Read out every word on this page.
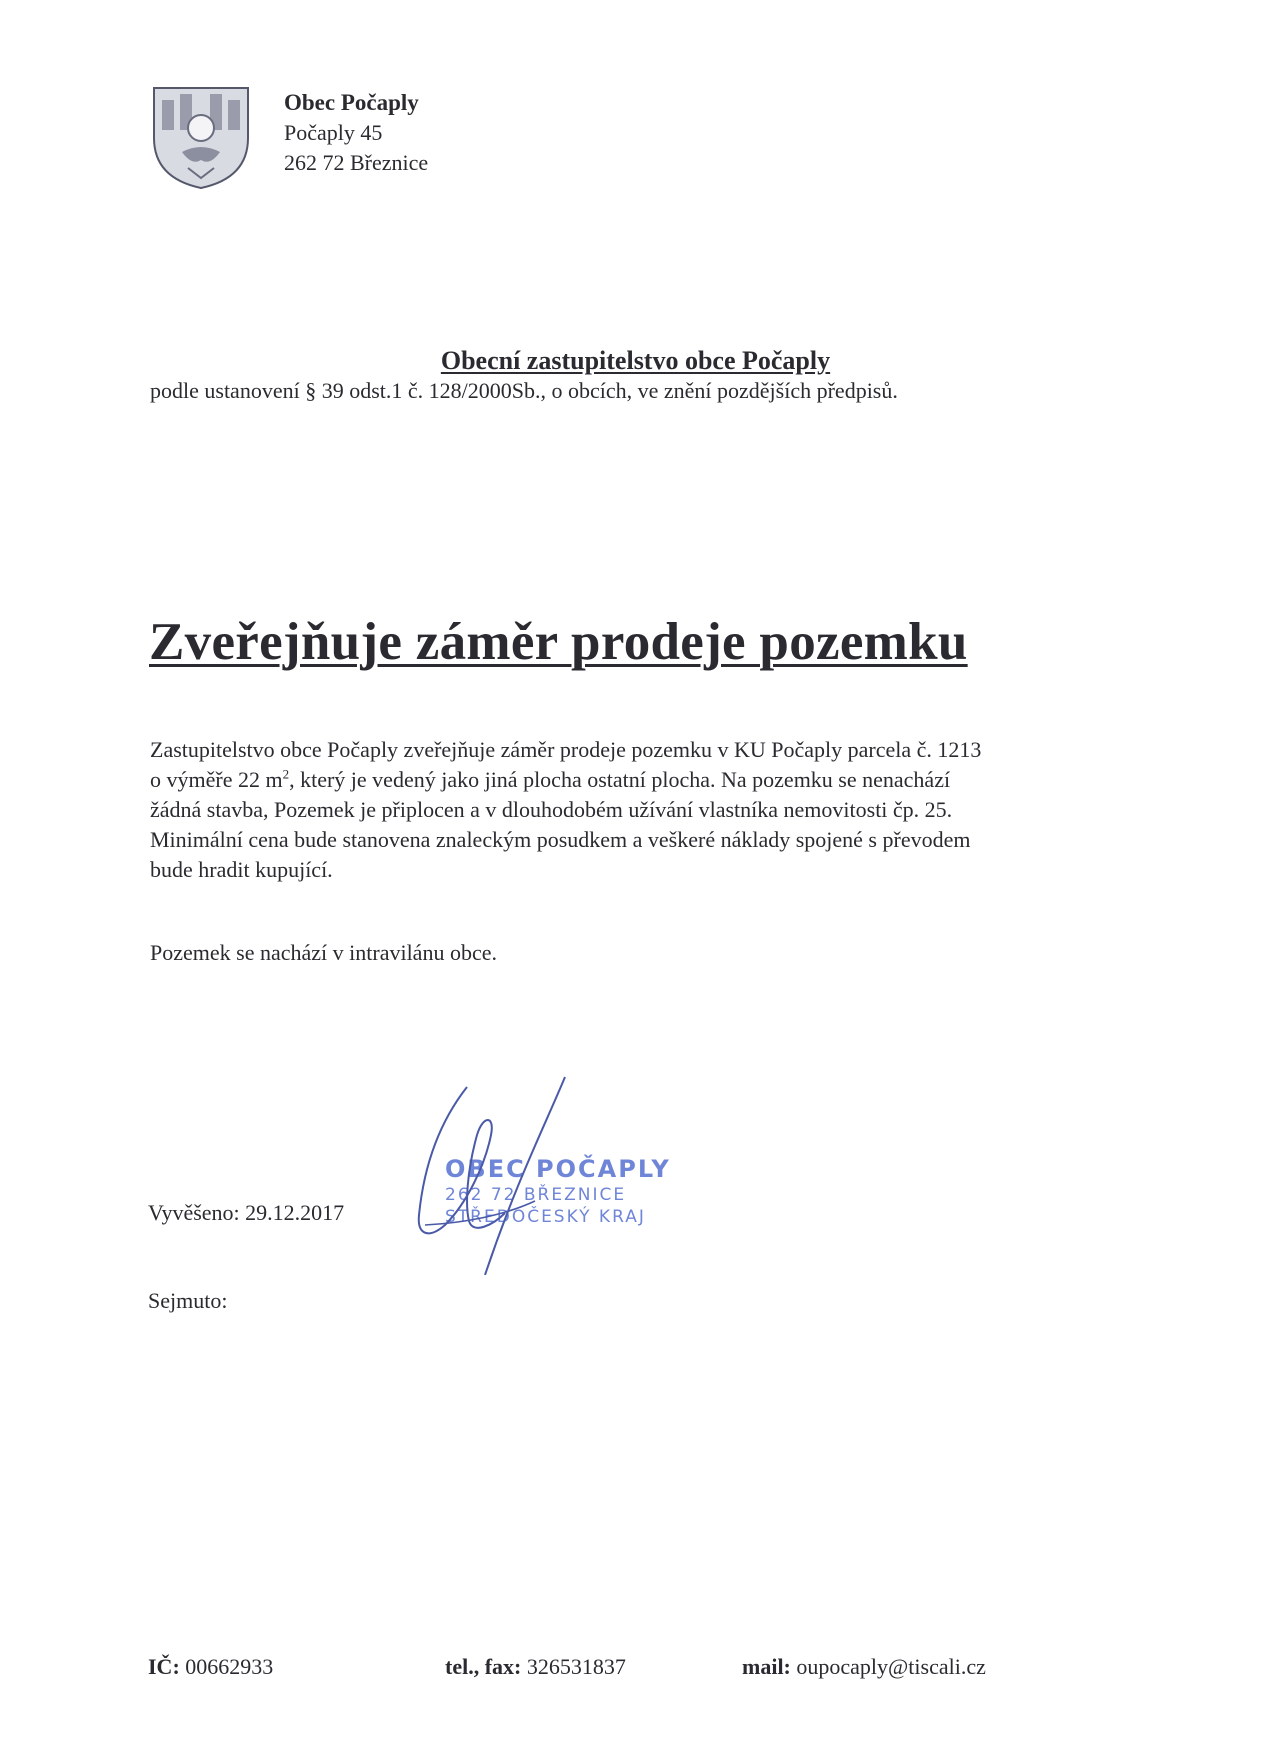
Obec Počaply
Počaply 45
262 72 Březnice
Obecní zastupitelstvo obce Počaply
podle ustanovení § 39 odst.1 č. 128/2000Sb., o obcích, ve znění pozdějších předpisů.
Zveřejňuje záměr prodeje pozemku

Zastupitelstvo obce Počaply zveřejňuje záměr prodeje pozemku v KU Počaply parcela č. 1213

o výměře 22 $m^2$, který je vedený jako jiná plocha ostatní plocha. Na pozemku se nenachází

žádná stavba, Pozemek je připlocen a v dlouhodobém užívání vlastníka nemovitosti čp. 25.

Minimální cena bude stanovena znaleckým posudkem a veškeré náklady spojené s převodem

bude hradit kupující.

Pozemek se nachází v intravilánu obce.
Vyvěšeno: 29.12.2017
Sejmuto:
OBEC POČAPLY
262 72 BŘEZNICE
STŘEDOČESKÝ KRAJ
IČ: 00662933	tel., fax: 326531837	mail: oupocaply@tiscali.cz
